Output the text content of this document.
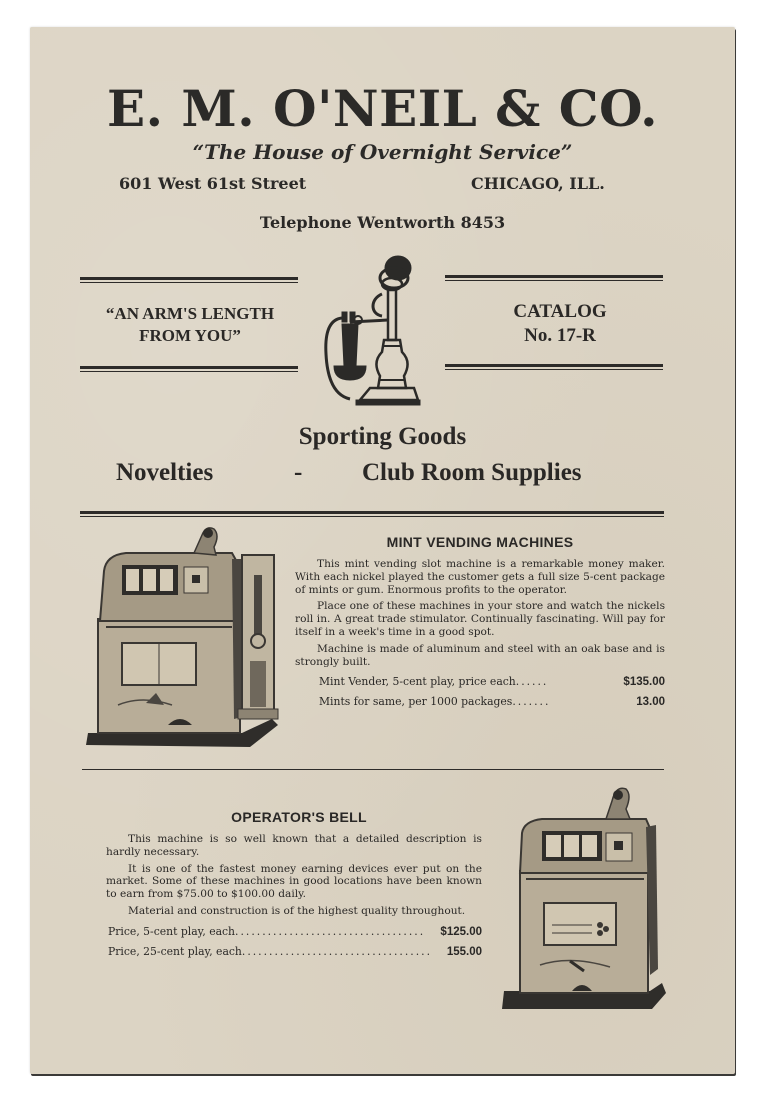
E. M. O'NEIL & CO.
“The House of Overnight Service”
601 West 61st Street	CHICAGO, ILL.
Telephone Wentworth 8453
“AN ARM'S LENGTH
FROM YOU”
CATALOG
No. 17-R
Sporting Goods
Novelties	- Club Room Supplies
MINT VENDING MACHINES

This mint vending slot machine is a remarkable money maker. With each nickel played the customer gets a full size 5-cent package of mints or gum. Enormous profits to the operator.

Place one of these machines in your store and watch the nickels roll in. A great trade stimulator. Continually fascinating. Will pay for itself in a week's time in a good spot.

Machine is made of aluminum and steel with an oak base and is strongly built.

Mint Vender, 5-cent play, price each ......	$135.00
Mints for same, per 1000 packages .......	13.00
OPERATOR'S BELL

This machine is so well known that a detailed description is hardly necessary.

It is one of the fastest money earning devices ever put on the market. Some of these machines in good locations have been known to earn from $75.00 to $100.00 daily.

Material and construction is of the highest quality throughout.

Price, 5-cent play, each ...................................	$125.00
Price, 25-cent play, each ...................................	155.00
